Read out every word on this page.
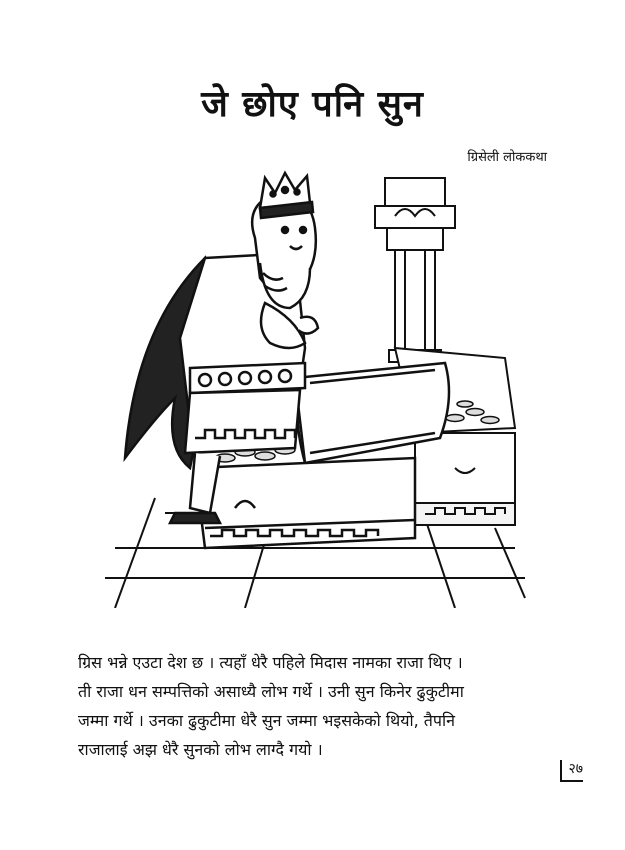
जे छोए पनि सुन
ग्रिसेली लोककथा
ग्रिस भन्ने एउटा देश छ । त्यहाँ धेरै पहिले मिदास नामका राजा थिए ।
ती राजा धन सम्पत्तिको असाध्यै लोभ गर्थे । उनी सुन किनेर ढुकुटीमा
जम्मा गर्थे । उनका ढुकुटीमा धेरै सुन जम्मा भइसकेको थियो, तैपनि
राजालाई अझ धेरै सुनको लोभ लाग्दै गयो ।
२७
